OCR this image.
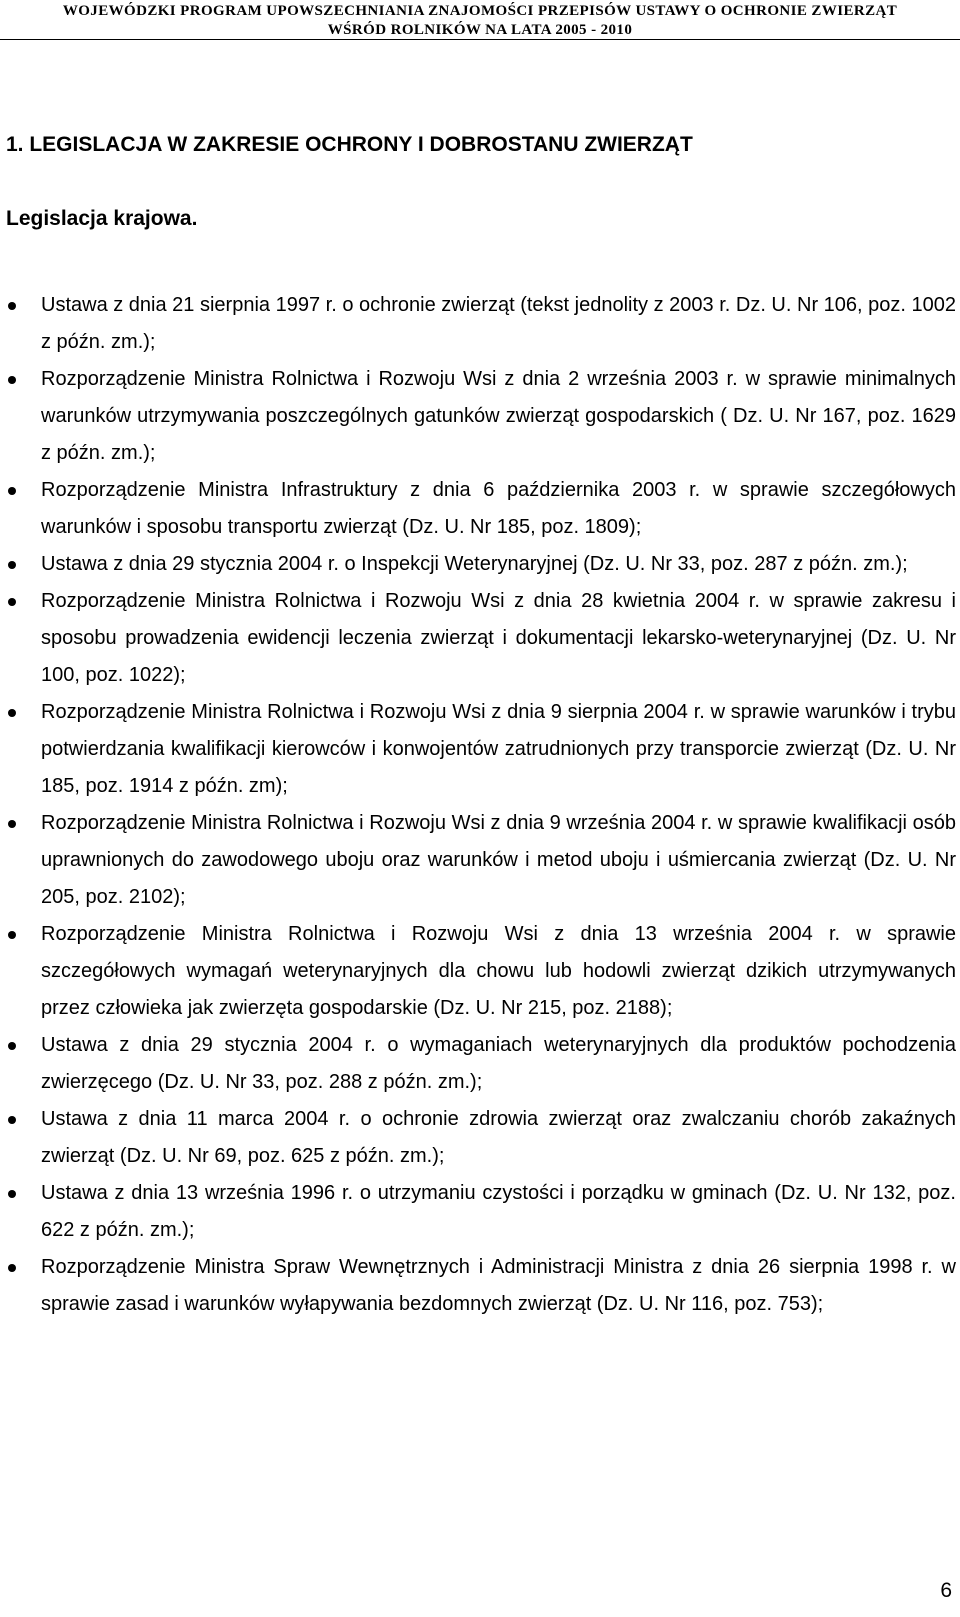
WOJEWÓDZKI PROGRAM UPOWSZECHNIANIA ZNAJOMOŚCI PRZEPISÓW USTAWY O OCHRONIE ZWIERZĄT
WŚRÓD ROLNIKÓW NA LATA 2005 - 2010
1. LEGISLACJA W ZAKRESIE OCHRONY I DOBROSTANU ZWIERZĄT
Legislacja krajowa.
Ustawa z dnia 21 sierpnia 1997 r. o ochronie zwierząt (tekst jednolity z 2003 r. Dz. U. Nr 106, poz. 1002 z późn. zm.);
Rozporządzenie Ministra Rolnictwa i Rozwoju Wsi z dnia 2 września 2003 r. w sprawie minimalnych warunków utrzymywania poszczególnych gatunków zwierząt gospodarskich ( Dz. U. Nr 167, poz. 1629 z późn. zm.);
Rozporządzenie Ministra Infrastruktury z dnia 6 października 2003 r. w sprawie szczegółowych warunków i sposobu transportu zwierząt (Dz. U. Nr 185, poz. 1809);
Ustawa z dnia 29 stycznia 2004 r. o Inspekcji Weterynaryjnej (Dz. U. Nr 33, poz. 287 z późn. zm.);
Rozporządzenie Ministra Rolnictwa i Rozwoju Wsi z dnia 28 kwietnia 2004 r. w sprawie zakresu i sposobu prowadzenia ewidencji leczenia zwierząt i dokumentacji lekarsko-weterynaryjnej (Dz. U. Nr 100, poz. 1022);
Rozporządzenie Ministra Rolnictwa i Rozwoju Wsi z dnia 9 sierpnia 2004 r. w sprawie warunków i trybu potwierdzania kwalifikacji kierowców i konwojentów zatrudnionych przy transporcie zwierząt (Dz. U. Nr 185, poz. 1914 z późn. zm);
Rozporządzenie Ministra Rolnictwa i Rozwoju Wsi z dnia 9 września 2004 r. w sprawie kwalifikacji osób uprawnionych do zawodowego uboju oraz warunków i metod uboju i uśmiercania zwierząt (Dz. U. Nr 205, poz. 2102);
Rozporządzenie Ministra Rolnictwa i Rozwoju Wsi z dnia 13 września 2004 r. w sprawie szczegółowych wymagań weterynaryjnych dla chowu lub hodowli zwierząt dzikich utrzymywanych przez człowieka jak zwierzęta gospodarskie (Dz. U. Nr 215, poz. 2188);
Ustawa z dnia 29 stycznia 2004 r. o wymaganiach weterynaryjnych dla produktów pochodzenia zwierzęcego (Dz. U. Nr 33, poz. 288 z późn. zm.);
Ustawa z dnia 11 marca 2004 r. o ochronie zdrowia zwierząt oraz zwalczaniu chorób zakaźnych zwierząt (Dz. U. Nr 69, poz. 625 z późn. zm.);
Ustawa z dnia 13 września 1996 r. o utrzymaniu czystości i porządku w gminach (Dz. U. Nr 132, poz. 622 z późn. zm.);
Rozporządzenie Ministra Spraw Wewnętrznych i Administracji Ministra z dnia 26 sierpnia 1998 r. w sprawie zasad i warunków wyłapywania bezdomnych zwierząt (Dz. U. Nr 116, poz. 753);
6
